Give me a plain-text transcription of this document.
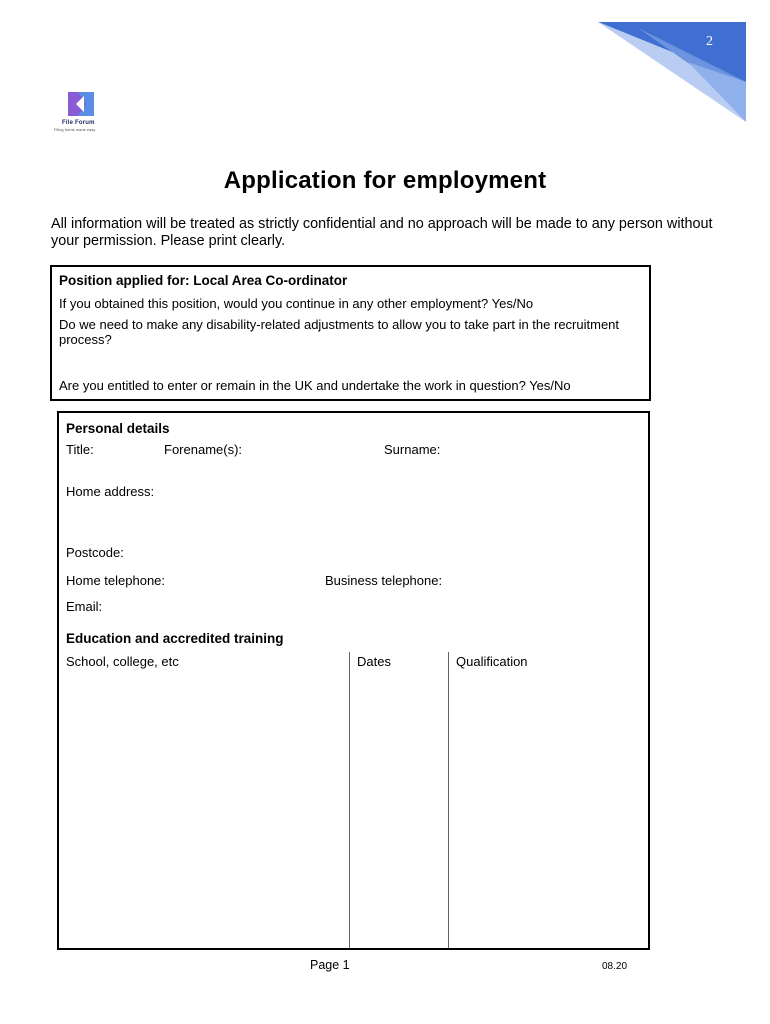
2
File Forum
Filing forms made easy
Application for employment
All information will be treated as strictly confidential and no approach will be made to any person without your permission. Please print clearly.
Position applied for: Local Area Co-ordinator
If you obtained this position, would you continue in any other employment? Yes/No
Do we need to make any disability-related adjustments to allow you to take part in the recruitment process?
Are you entitled to enter or remain in the UK and undertake the work in question? Yes/No
Personal details
Title:	Forename(s):	Surname:
Home address:
Postcode:
Home telephone:	Business telephone:
Email:
Education and accredited training
School, college, etc	Dates	Qualification
Page 1	08.20
